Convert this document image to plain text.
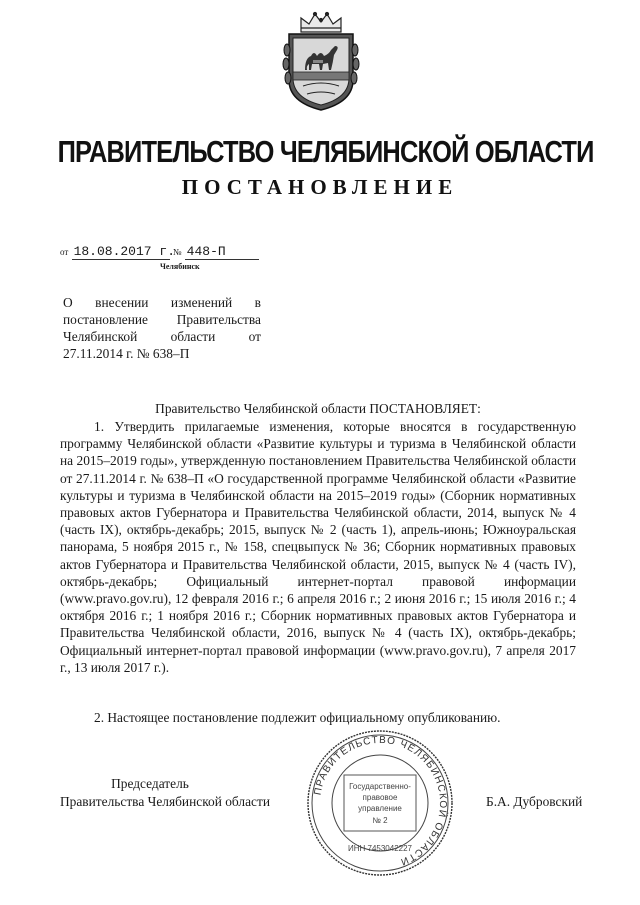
ПРАВИТЕЛЬСТВО ЧЕЛЯБИНСКОЙ ОБЛАСТИ
ПОСТАНОВЛЕНИЕ
от 18.08.2017 г. № 448-П
Челябинск
О внесении изменений в постановление Правительства Челябинской области от 27.11.2014 г. № 638–П
Правительство Челябинской области ПОСТАНОВЛЯЕТ:

1. Утвердить прилагаемые изменения, которые вносятся в государственную программу Челябинской области «Развитие культуры и туризма в Челябинской области на 2015–2019 годы», утвержденную постановлением Правительства Челябинской области от 27.11.2014 г. № 638–П «О государственной программе Челябинской области «Развитие культуры и туризма в Челябинской области на 2015–2019 годы» (Сборник нормативных правовых актов Губернатора и Правительства Челябинской области, 2014, выпуск № 4 (часть IX), октябрь-декабрь; 2015, выпуск № 2 (часть 1), апрель-июнь; Южноуральская панорама, 5 ноября 2015 г., № 158, спецвыпуск № 36; Сборник нормативных правовых актов Губернатора и Правительства Челябинской области, 2015, выпуск № 4 (часть IV), октябрь-декабрь; Официальный интернет-портал правовой информации (www.pravo.gov.ru), 12 февраля 2016 г.; 6 апреля 2016 г.; 2 июня 2016 г.; 15 июля 2016 г.; 4 октября 2016 г.; 1 ноября 2016 г.; Сборник нормативных правовых актов Губернатора и Правительства Челябинской области, 2016, выпуск № 4 (часть IX), октябрь-декабрь; Официальный интернет-портал правовой информации (www.pravo.gov.ru), 7 апреля 2017 г., 13 июля 2017 г.).

2. Настоящее постановление подлежит официальному опубликованию.
Председатель
Правительства Челябинской области	Б.А. Дубровский
ПРАВИТЕЛЬСТВО ЧЕЛЯБИНСКОЙ ОБЛАСТИ
Государственно-
правовое
управление
№ 2
ИНН 7453042227
